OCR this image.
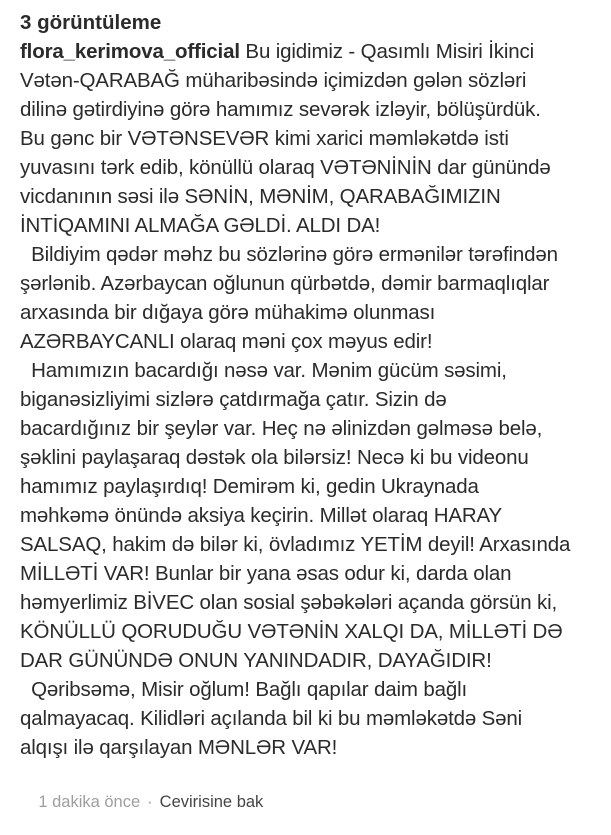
3 görüntüleme
flora_kerimova_official Bu igidimiz - Qasımlı Misiri İkinci
Vətən-QARABAĞ müharibəsində içimizdən gələn sözləri
dilinə gətirdiyinə görə hamımız sevərək izləyir, bölüşürdük.
Bu gənc bir VƏTƏNSEVƏR kimi xarici məmləkətdə isti
yuvasını tərk edib, könüllü olaraq VƏTƏNİNİN dar günündə
vicdanının səsi ilə SƏNİN, MƏNİM, QARABAĞIMIZIN
İNTİQAMINI ALMAĞA GƏLDİ. ALDI DA!
Bildiyim qədər məhz bu sözlərinə görə ermənilər tərəfindən
şərlənib. Azərbaycan oğlunun qürbətdə, dəmir barmaqlıqlar
arxasında bir dığaya görə mühakimə olunması
AZƏRBAYCANLI olaraq məni çox məyus edir!
Hamımızın bacardığı nəsə var. Mənim gücüm səsimi,
biganəsizliyimi sizlərə çatdırmağa çatır. Sizin də
bacardığınız bir şeylər var. Heç nə əlinizdən gəlməsə belə,
şəklini paylaşaraq dəstək ola bilərsiz! Necə ki bu videonu
hamımız paylaşırdıq! Demirəm ki, gedin Ukraynada
məhkəmə önündə aksiya keçirin. Millət olaraq HARAY
SALSAQ, hakim də bilər ki, övladımız YETİM deyil! Arxasında
MİLLƏTİ VAR! Bunlar bir yana əsas odur ki, darda olan
həmyerlimiz BİVEC olan sosial şəbəkələri açanda görsün ki,
KÖNÜLLÜ QORUDUĞU VƏTƏNİN XALQI DA, MİLLƏTİ DƏ
DAR GÜNÜNDƏ ONUN YANINDADIR, DAYAĞIDIR!
Qəribsəmə, Misir oğlum! Bağlı qapılar daim bağlı
qalmayacaq. Kilidləri açılanda bil ki bu məmləkətdə Səni
alqışı ilə qarşılayan MƏNLƏR VAR!

1 dakika önce · Cevirisine bak
